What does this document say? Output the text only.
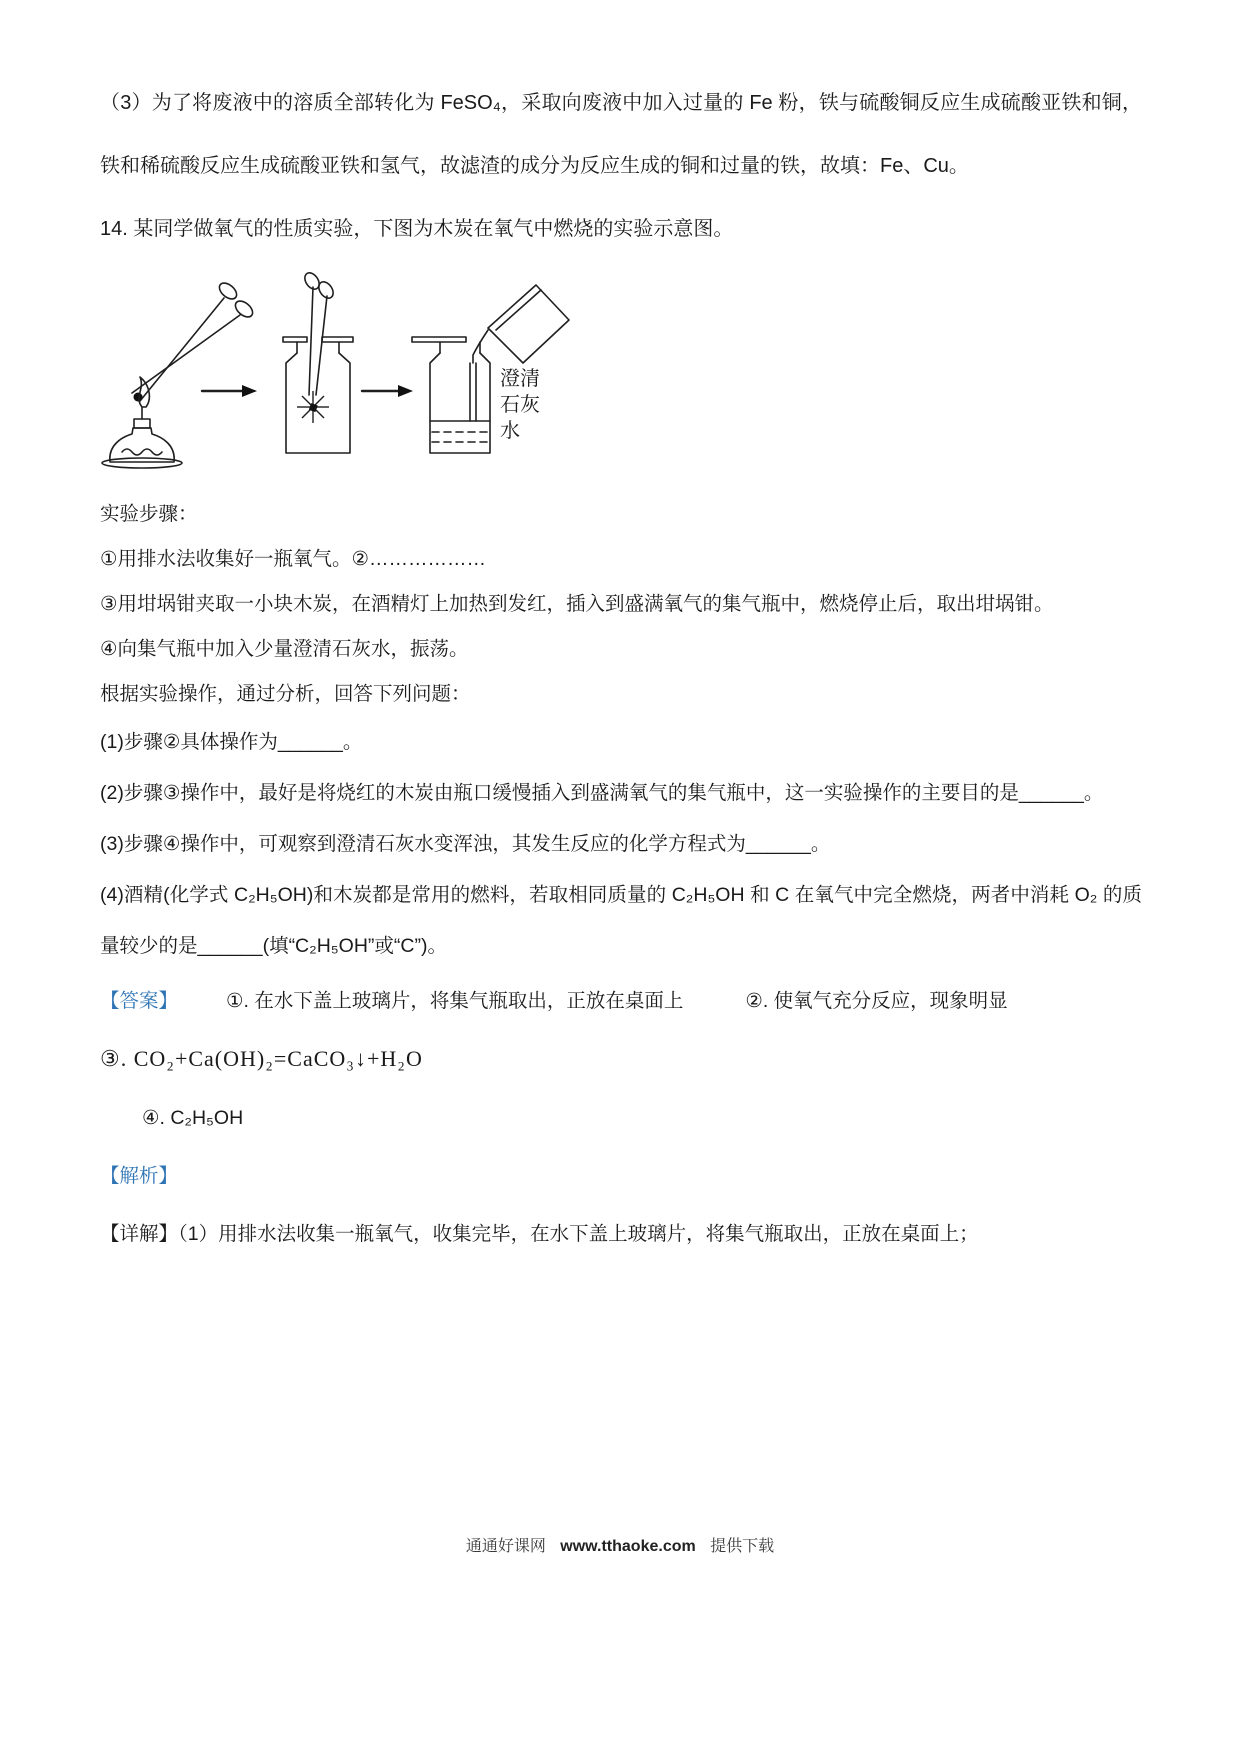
（3）为了将废液中的溶质全部转化为 FeSO₄，采取向废液中加入过量的 Fe 粉，铁与硫酸铜反应生成硫酸亚铁和铜，铁和稀硫酸反应生成硫酸亚铁和氢气，故滤渣的成分为反应生成的铜和过量的铁，故填：Fe、Cu。

14. 某同学做氧气的性质实验，下图为木炭在氧气中燃烧的实验示意图。

澄清
石灰
水

实验步骤：

①用排水法收集好一瓶氧气。②………………

③用坩埚钳夹取一小块木炭，在酒精灯上加热到发红，插入到盛满氧气的集气瓶中，燃烧停止后，取出坩埚钳。

④向集气瓶中加入少量澄清石灰水，振荡。

根据实验操作，通过分析，回答下列问题：

(1)步骤②具体操作为______。

(2)步骤③操作中，最好是将烧红的木炭由瓶口缓慢插入到盛满氧气的集气瓶中，这一实验操作的主要目的是______。

(3)步骤④操作中，可观察到澄清石灰水变浑浊，其发生反应的化学方程式为______。

(4)酒精(化学式 C₂H₅OH)和木炭都是常用的燃料，若取相同质量的 C₂H₅OH 和 C 在氧气中完全燃烧，两者中消耗 O₂ 的质量较少的是______(填“C₂H₅OH”或“C”)。

【答案】 ①. 在水下盖上玻璃片，将集气瓶取出，正放在桌面上	②. 使氧气充分反应，现象明显

③. CO₂+Ca(OH)₂=CaCO₃↓+H₂O

④. C₂H₅OH

【解析】

【详解】（1）用排水法收集一瓶氧气，收集完毕，在水下盖上玻璃片，将集气瓶取出，正放在桌面上；

通通好课网 www.tthaoke.com 提供下载
